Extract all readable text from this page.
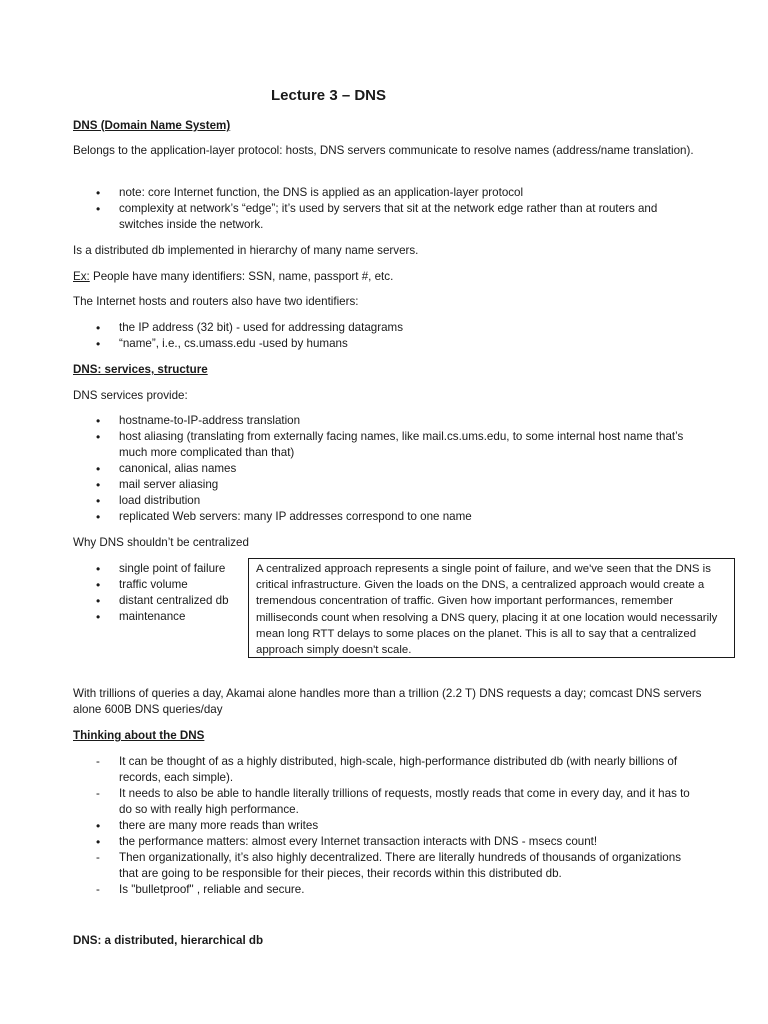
Lecture 3 – DNS
DNS (Domain Name System)
Belongs to the application-layer protocol: hosts, DNS servers communicate to resolve names (address/name translation).
•
note: core Internet function, the DNS is applied as an application-layer protocol
•
complexity at network’s “edge”; it’s used by servers that sit at the network edge rather than at routers and switches inside the network.
Is a distributed db implemented in hierarchy of many name servers.
Ex: People have many identifiers: SSN, name, passport #, etc.
The Internet hosts and routers also have two identifiers:
•
the IP address (32 bit) - used for addressing datagrams
•
“name”, i.e., cs.umass.edu -used by humans
DNS: services, structure
DNS services provide:
•
hostname-to-IP-address translation
•
host aliasing (translating from externally facing names, like mail.cs.ums.edu, to some internal host name that’s much more complicated than that)
•
canonical, alias names
•
mail server aliasing
•
load distribution
•
replicated Web servers: many IP addresses correspond to one name
Why DNS shouldn’t be centralized
•
single point of failure
•
traffic volume
•
distant centralized db
•
maintenance
With trillions of queries a day, Akamai alone handles more than a trillion (2.2 T) DNS requests a day; comcast DNS servers alone 600B DNS queries/day
Thinking about the DNS
-
It can be thought of as a highly distributed, high-scale, high-performance distributed db (with nearly billions of records, each simple).
-
It needs to also be able to handle literally trillions of requests, mostly reads that come in every day, and it has to do so with really high performance.
•
there are many more reads than writes
•
the performance matters: almost every Internet transaction interacts with DNS - msecs count!
-
Then organizationally, it’s also highly decentralized. There are literally hundreds of thousands of organizations that are going to be responsible for their pieces, their records within this distributed db.
-
Is "bulletproof" , reliable and secure.
DNS: a distributed, hierarchical db
A centralized approach represents a single point of failure, and we've seen that the DNS is critical infrastructure. Given the loads on the DNS, a centralized approach would create a tremendous concentration of traffic. Given how important performances, remember milliseconds count when resolving a DNS query, placing it at one location would necessarily mean long RTT delays to some places on the planet. This is all to say that a centralized approach simply doesn't scale.
